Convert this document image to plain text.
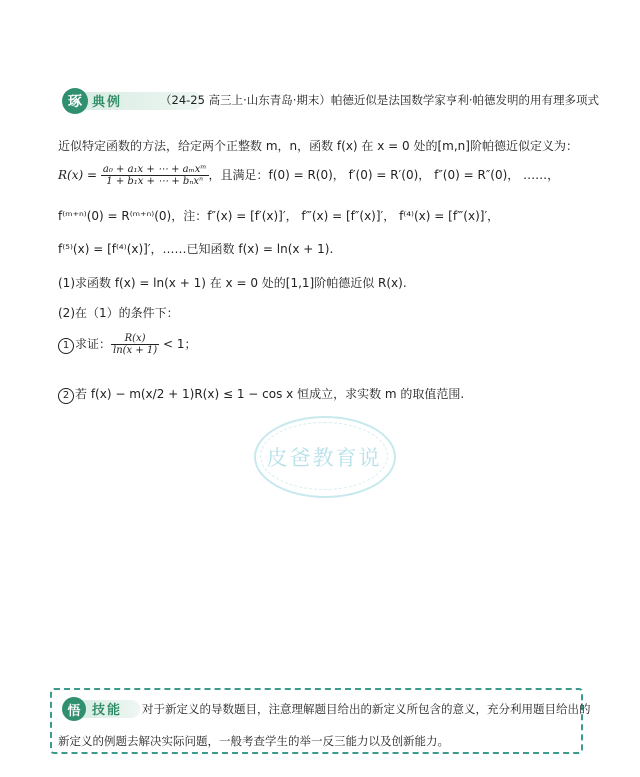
琢 典例	（24-25 高三上·山东青岛·期末）帕德近似是法国数学家亨利·帕德发明的用有理多项式
近似特定函数的方法，给定两个正整数 m，n，函数 f(x) 在 x = 0 处的[m,n]阶帕德近似定义为：
$R(x) = \frac{\text{a₀ + a₁x + ⋯ + aₘxᵐ}}{\text{1 + b₁x + ⋯ + bₙxⁿ}}$ ，且满足：f(0) = R(0)， f′(0) = R′(0)， f″(0) = R″(0)， ……，
f⁽ᵐ⁺ⁿ⁾(0) = R⁽ᵐ⁺ⁿ⁾(0)，注：f″(x) = [f′(x)]′， f‴(x) = [f″(x)]′， f⁽⁴⁾(x) = [f‴(x)]′，
f⁽⁵⁾(x) = [f⁽⁴⁾(x)]′，……已知函数 f(x) = ln(x + 1).
(1)求函数 f(x) = ln(x + 1) 在 x = 0 处的[1,1]阶帕德近似 R(x).
(2)在（1）的条件下：
1 求证： $\frac{R(x)}{\ln(x + 1)} < 1$；
2 若 f(x) − m(x/2 + 1)R(x) ≤ 1 − cos x 恒成立，求实数 m 的取值范围.
皮爸教育说
悟 技能 对于新定义的导数题目，注意理解题目给出的新定义所包含的意义，充分利用题目给出的
新定义的例题去解决实际问题，一般考查学生的举一反三能力以及创新能力。
